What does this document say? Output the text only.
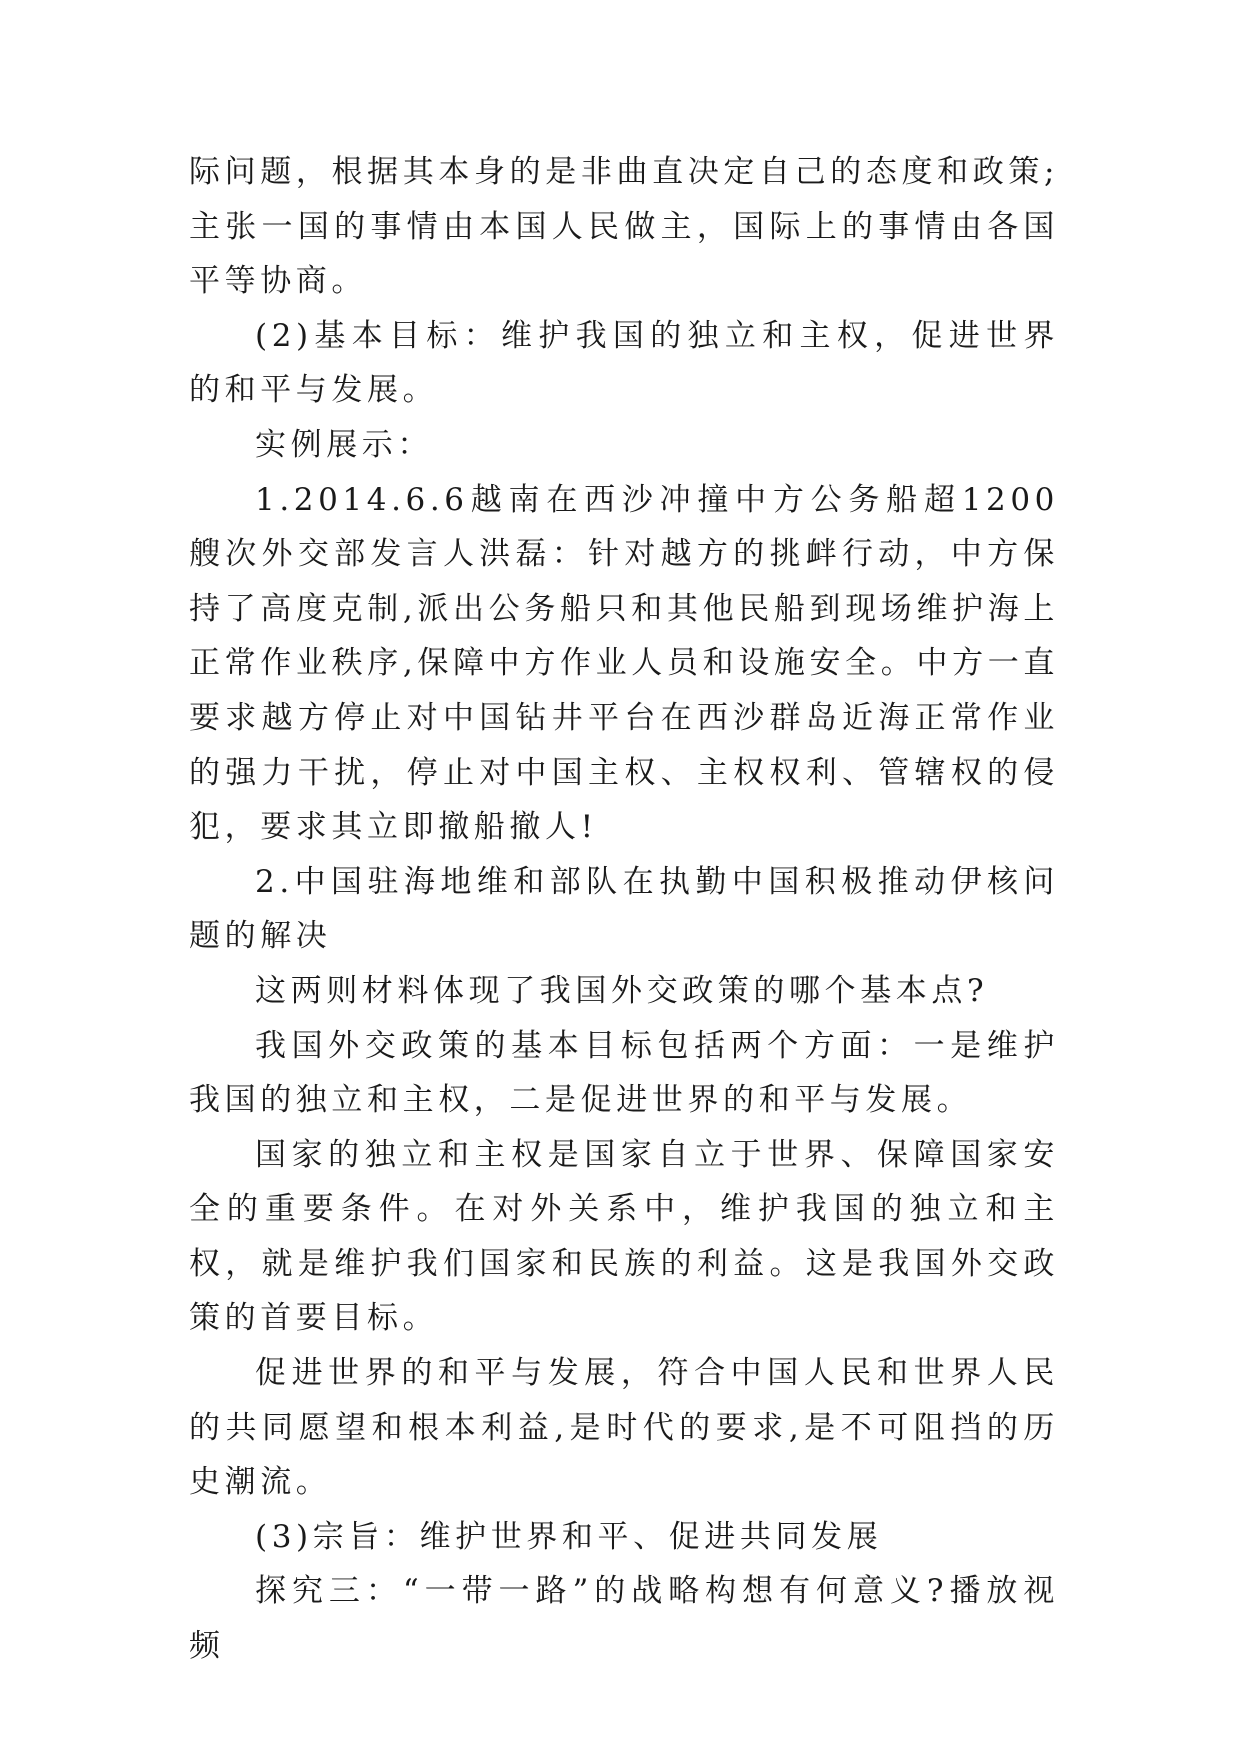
际问题，根据其本身的是非曲直决定自己的态度和政策;主张一国的事情由本国人民做主，国际上的事情由各国平等协商。

(2)基本目标：维护我国的独立和主权，促进世界的和平与发展。

实例展示：

1.2014.6.6越南在西沙冲撞中方公务船超1200艘次外交部发言人洪磊：针对越方的挑衅行动，中方保持了高度克制,派出公务船只和其他民船到现场维护海上正常作业秩序,保障中方作业人员和设施安全。中方一直要求越方停止对中国钻井平台在西沙群岛近海正常作业的强力干扰，停止对中国主权、主权权利、管辖权的侵犯，要求其立即撤船撤人!

2.中国驻海地维和部队在执勤中国积极推动伊核问题的解决

这两则材料体现了我国外交政策的哪个基本点?

我国外交政策的基本目标包括两个方面：一是维护我国的独立和主权，二是促进世界的和平与发展。

国家的独立和主权是国家自立于世界、保障国家安全的重要条件。在对外关系中，维护我国的独立和主权，就是维护我们国家和民族的利益。这是我国外交政策的首要目标。

促进世界的和平与发展，符合中国人民和世界人民的共同愿望和根本利益,是时代的要求,是不可阻挡的历史潮流。

(3)宗旨：维护世界和平、促进共同发展

探究三：“一带一路”的战略构想有何意义?播放视频
